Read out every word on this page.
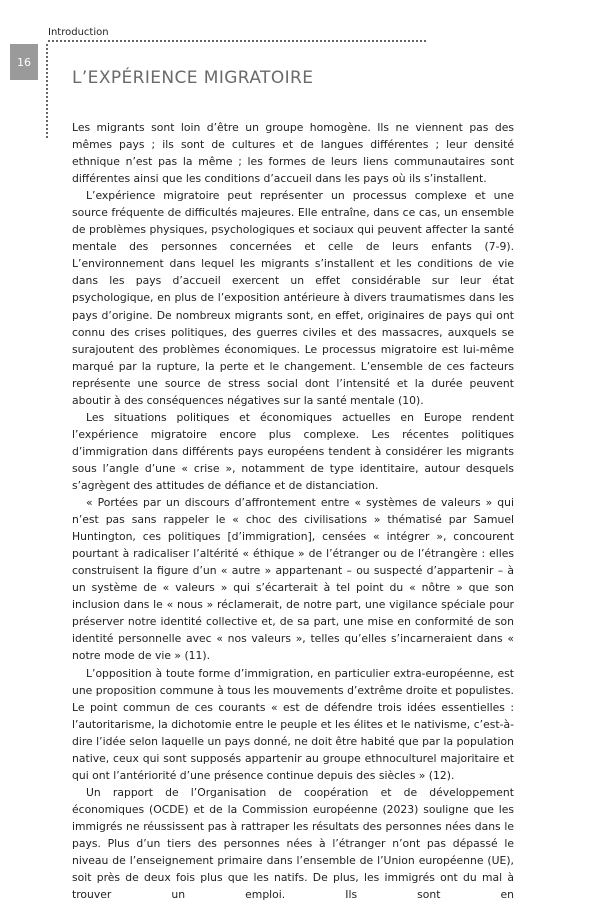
Introduction
16
L’EXPÉRIENCE MIGRATOIRE

Les migrants sont loin d’être un groupe homogène. Ils ne viennent pas des mêmes pays ; ils sont de cultures et de langues différentes ; leur densité ethnique n’est pas la même ; les formes de leurs liens communautaires sont différentes ainsi que les conditions d’accueil dans les pays où ils s’installent.

L’expérience migratoire peut représenter un processus complexe et une source fréquente de difficultés majeures. Elle entraîne, dans ce cas, un ensemble de problèmes physiques, psychologiques et sociaux qui peuvent affecter la santé mentale des personnes concernées et celle de leurs enfants (7-9). L’environnement dans lequel les migrants s’installent et les conditions de vie dans les pays d’accueil exercent un effet considérable sur leur état psychologique, en plus de l’exposition antérieure à divers traumatismes dans les pays d’origine. De nombreux migrants sont, en effet, originaires de pays qui ont connu des crises politiques, des guerres civiles et des massacres, auxquels se surajoutent des problèmes économiques. Le processus migratoire est lui-même marqué par la rupture, la perte et le changement. L’ensemble de ces facteurs représente une source de stress social dont l’intensité et la durée peuvent aboutir à des conséquences négatives sur la santé mentale (10).

Les situations politiques et économiques actuelles en Europe rendent l’expérience migratoire encore plus complexe. Les récentes politiques d’immigration dans différents pays européens tendent à considérer les migrants sous l’angle d’une « crise », notamment de type identitaire, autour desquels s’agrègent des attitudes de défiance et de distanciation.

« Portées par un discours d’affrontement entre « systèmes de valeurs » qui n’est pas sans rappeler le « choc des civilisations » thématisé par Samuel Huntington, ces politiques [d’immigration], censées « intégrer », concourent pourtant à radicaliser l’altérité « éthique » de l’étranger ou de l’étrangère : elles construisent la figure d’un « autre » appartenant – ou suspecté d’appartenir – à un système de « valeurs » qui s’écarterait à tel point du « nôtre » que son inclusion dans le « nous » réclamerait, de notre part, une vigilance spéciale pour préserver notre identité collective et, de sa part, une mise en conformité de son identité personnelle avec « nos valeurs », telles qu’elles s’incarneraient dans « notre mode de vie » (11).

L’opposition à toute forme d’immigration, en particulier extra-européenne, est une proposition commune à tous les mouvements d’extrême droite et populistes. Le point commun de ces courants « est de défendre trois idées essentielles : l’autoritarisme, la dichotomie entre le peuple et les élites et le nativisme, c’est-à-dire l’idée selon laquelle un pays donné, ne doit être habité que par la population native, ceux qui sont supposés appartenir au groupe ethnoculturel majoritaire et qui ont l’antériorité d’une présence continue depuis des siècles » (12).

Un rapport de l’Organisation de coopération et de développement économiques (OCDE) et de la Commission européenne (2023) souligne que les immigrés ne réussissent pas à rattraper les résultats des personnes nées dans le pays. Plus d’un tiers des personnes nées à l’étranger n’ont pas dépassé le niveau de l’enseignement primaire dans l’ensemble de l’Union européenne (UE), soit près de deux fois plus que les natifs. De plus, les immigrés ont du mal à trouver un emploi. Ils sont en
